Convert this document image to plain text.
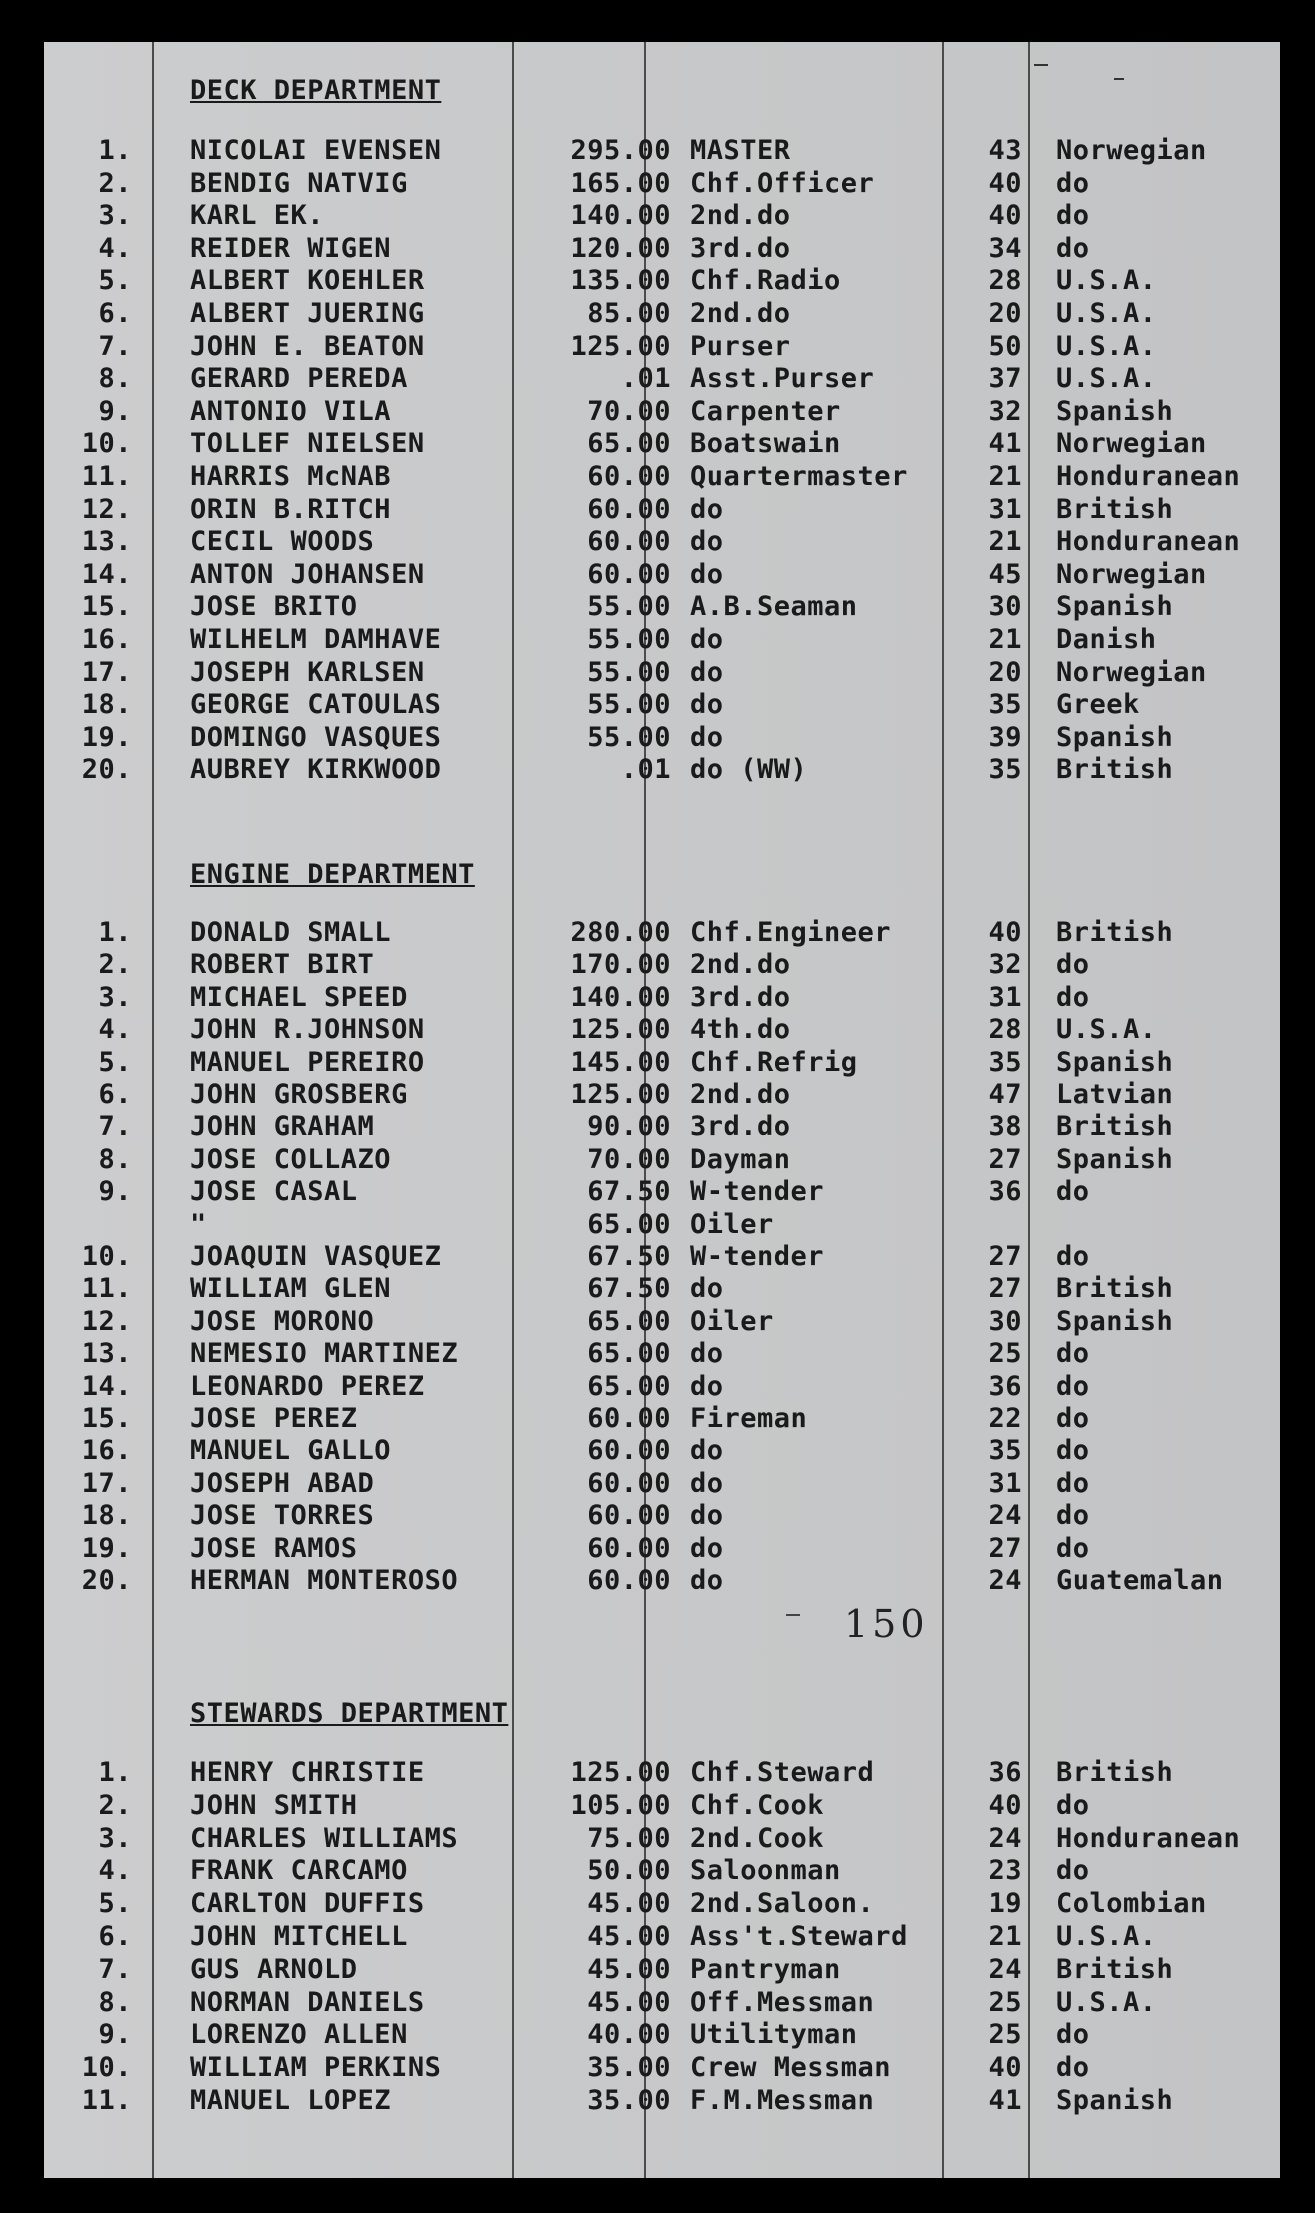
DECK DEPARTMENT
1. NICOLAI EVENSEN	295.00 MASTER	43 Norwegian
2. BENDIG NATVIG	165.00 Chf.Officer	40 do
3. KARL EK.	140.00 2nd.do	40 do
4. REIDER WIGEN	120.00 3rd.do	34 do
5. ALBERT KOEHLER	135.00 Chf.Radio	28 U.S.A.
6. ALBERT JUERING	85.00 2nd.do	20 U.S.A.
7. JOHN E. BEATON	125.00 Purser	50 U.S.A.
8. GERARD PEREDA	.01 Asst.Purser	37 U.S.A.
9. ANTONIO VILA	70.00 Carpenter	32 Spanish
10. TOLLEF NIELSEN	65.00 Boatswain	41 Norwegian
11. HARRIS McNAB	60.00 Quartermaster	21 Honduranean
12. ORIN B.RITCH	60.00 do	31 British
13. CECIL WOODS	60.00 do	21 Honduranean
14. ANTON JOHANSEN	60.00 do	45 Norwegian
15. JOSE BRITO	55.00 A.B.Seaman	30 Spanish
16. WILHELM DAMHAVE	55.00 do	21 Danish
17. JOSEPH KARLSEN	55.00 do	20 Norwegian
18. GEORGE CATOULAS	55.00 do	35 Greek
19. DOMINGO VASQUES	55.00 do	39 Spanish
20. AUBREY KIRKWOOD	.01 do (WW)	35 British
ENGINE DEPARTMENT
1. DONALD SMALL	280.00 Chf.Engineer	40 British
2. ROBERT BIRT	170.00 2nd.do	32 do
3. MICHAEL SPEED	140.00 3rd.do	31 do
4. JOHN R.JOHNSON	125.00 4th.do	28 U.S.A.
5. MANUEL PEREIRO	145.00 Chf.Refrig	35 Spanish
6. JOHN GROSBERG	125.00 2nd.do	47 Latvian
7. JOHN GRAHAM	90.00 3rd.do	38 British
8. JOSE COLLAZO	70.00 Dayman	27 Spanish
9. JOSE CASAL	67.50 W-tender	36 do
"	65.00 Oiler
10. JOAQUIN VASQUEZ	67.50 W-tender	27 do
11. WILLIAM GLEN	67.50 do	27 British
12. JOSE MORONO	65.00 Oiler	30 Spanish
13. NEMESIO MARTINEZ	65.00 do	25 do
14. LEONARDO PEREZ	65.00 do	36 do
15. JOSE PEREZ	60.00 Fireman	22 do
16. MANUEL GALLO	60.00 do	35 do
17. JOSEPH ABAD	60.00 do	31 do
18. JOSE TORRES	60.00 do	24 do
19. JOSE RAMOS	60.00 do	27 do
20. HERMAN MONTEROSO	60.00 do	24 Guatemalan
150
STEWARDS DEPARTMENT
1. HENRY CHRISTIE	125.00 Chf.Steward	36 British
2. JOHN SMITH	105.00 Chf.Cook	40 do
3. CHARLES WILLIAMS	75.00 2nd.Cook	24 Honduranean
4. FRANK CARCAMO	50.00 Saloonman	23 do
5. CARLTON DUFFIS	45.00 2nd.Saloon.	19 Colombian
6. JOHN MITCHELL	45.00 Ass't.Steward	21 U.S.A.
7. GUS ARNOLD	45.00 Pantryman	24 British
8. NORMAN DANIELS	45.00 Off.Messman	25 U.S.A.
9. LORENZO ALLEN	40.00 Utilityman	25 do
10. WILLIAM PERKINS	35.00 Crew Messman	40 do
11. MANUEL LOPEZ	35.00 F.M.Messman	41 Spanish
